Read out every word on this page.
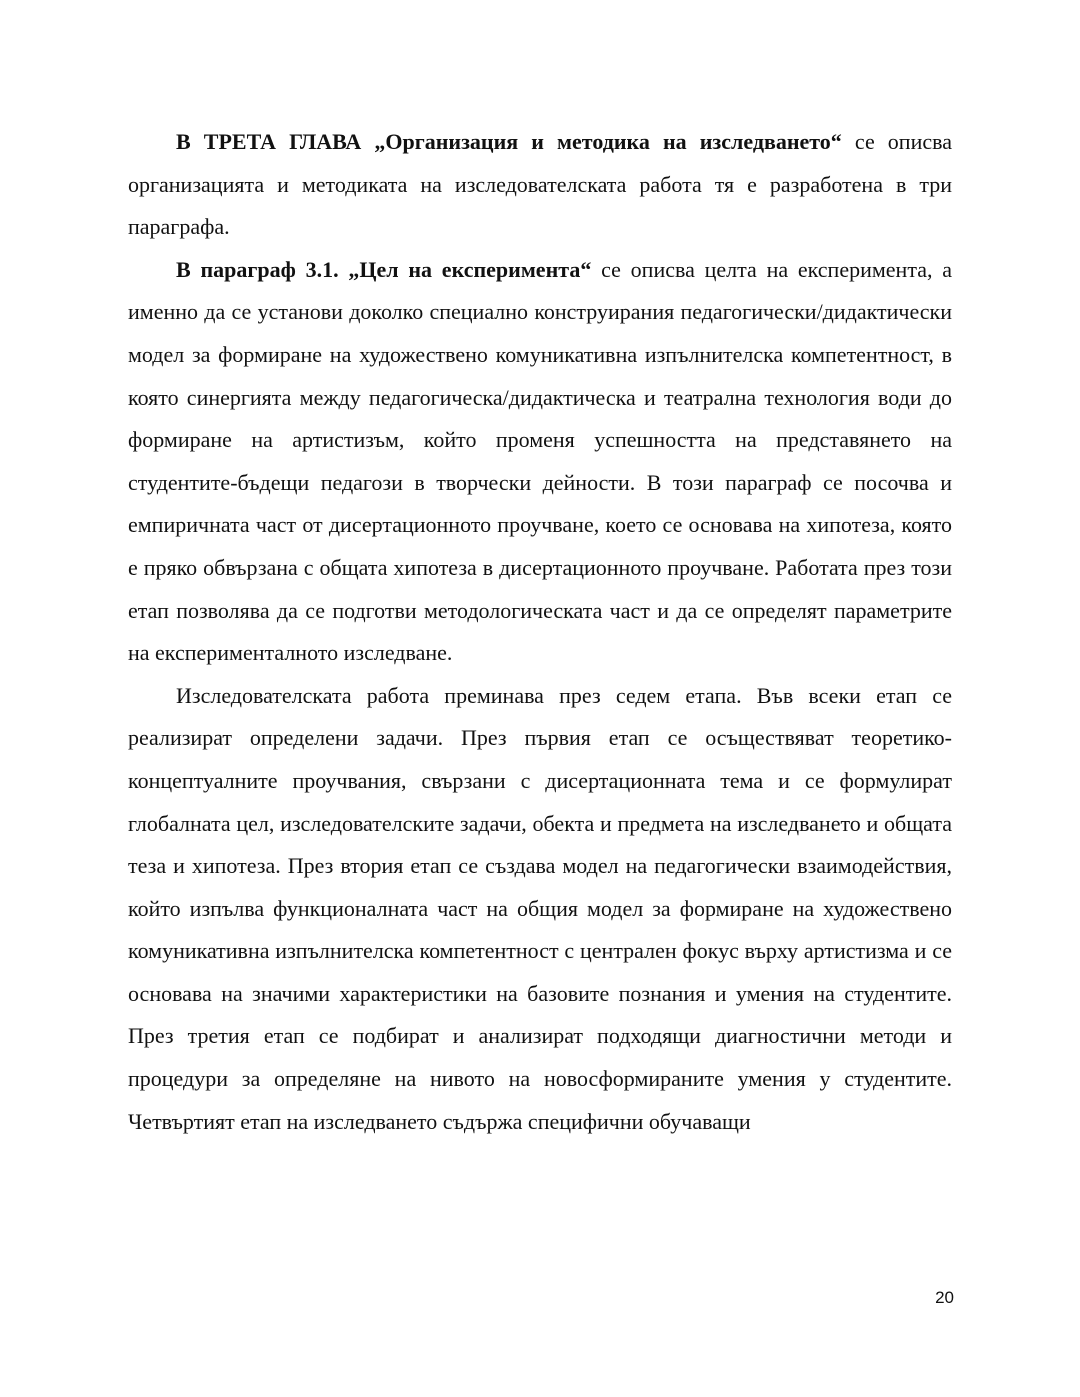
В ТРЕТА ГЛАВА „Организация и методика на изследването“ се описва организацията и методиката на изследователската работа тя е разработена в три параграфа.

В параграф 3.1. „Цел на експеримента“ се описва целта на експеримента, а именно да се установи доколко специално конструирания педагогически/дидактически модел за формиране на художествено комуникативна изпълнителска компетентност, в която синергията между педагогическа/дидактическа и театрална технология води до формиране на артистизъм, който променя успешността на представянето на студентите-бъдещи педагози в творчески дейности. В този параграф се посочва и емпиричната част от дисертационното проучване, което се основава на хипотеза, която е пряко обвързана с общата хипотеза в дисертационното проучване. Работата през този етап позволява да се подготви методологическата част и да се определят параметрите на експерименталното изследване.

Изследователската работа преминава през седем етапа. Във всеки етап се реализират определени задачи. През първия етап се осъществяват теоретико-концептуалните проучвания, свързани с дисертационната тема и се формулират глобалната цел, изследователските задачи, обекта и предмета на изследването и общата теза и хипотеза. През втория етап се създава модел на педагогически взаимодействия, който изпълва функционалната част на общия модел за формиране на художествено комуникативна изпълнителска компетентност с централен фокус върху артистизма и се основава на значими характеристики на базовите познания и умения на студентите. През третия етап се подбират и анализират подходящи диагностични методи и процедури за определяне на нивото на новосформираните умения у студентите. Четвъртият етап на изследването съдържа специфични обучаващи

20
